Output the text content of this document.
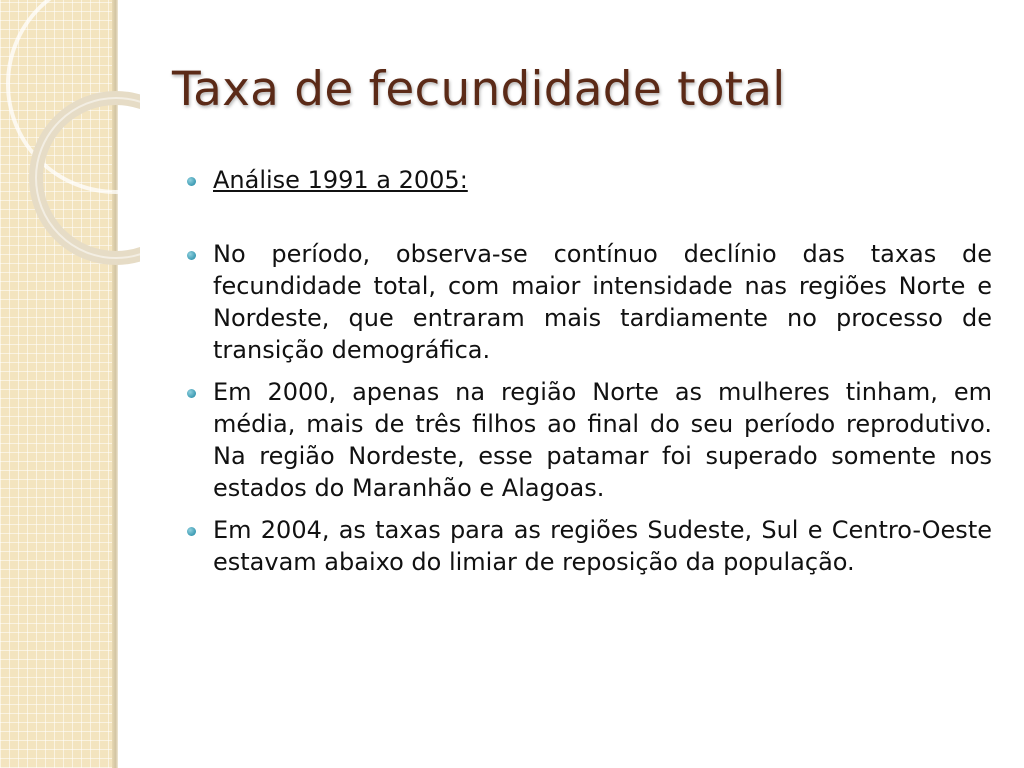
Taxa de fecundidade total
Análise 1991 a 2005:
No período, observa-se contínuo declínio das taxas de fecundidade total, com maior intensidade nas regiões Norte e Nordeste, que entraram mais tardiamente no processo de transição demográfica.
Em 2000, apenas na região Norte as mulheres tinham, em média, mais de três filhos ao final do seu período reprodutivo. Na região Nordeste, esse patamar foi superado somente nos estados do Maranhão e Alagoas.
Em 2004, as taxas para as regiões Sudeste, Sul e Centro-Oeste estavam abaixo do limiar de reposição da população.
